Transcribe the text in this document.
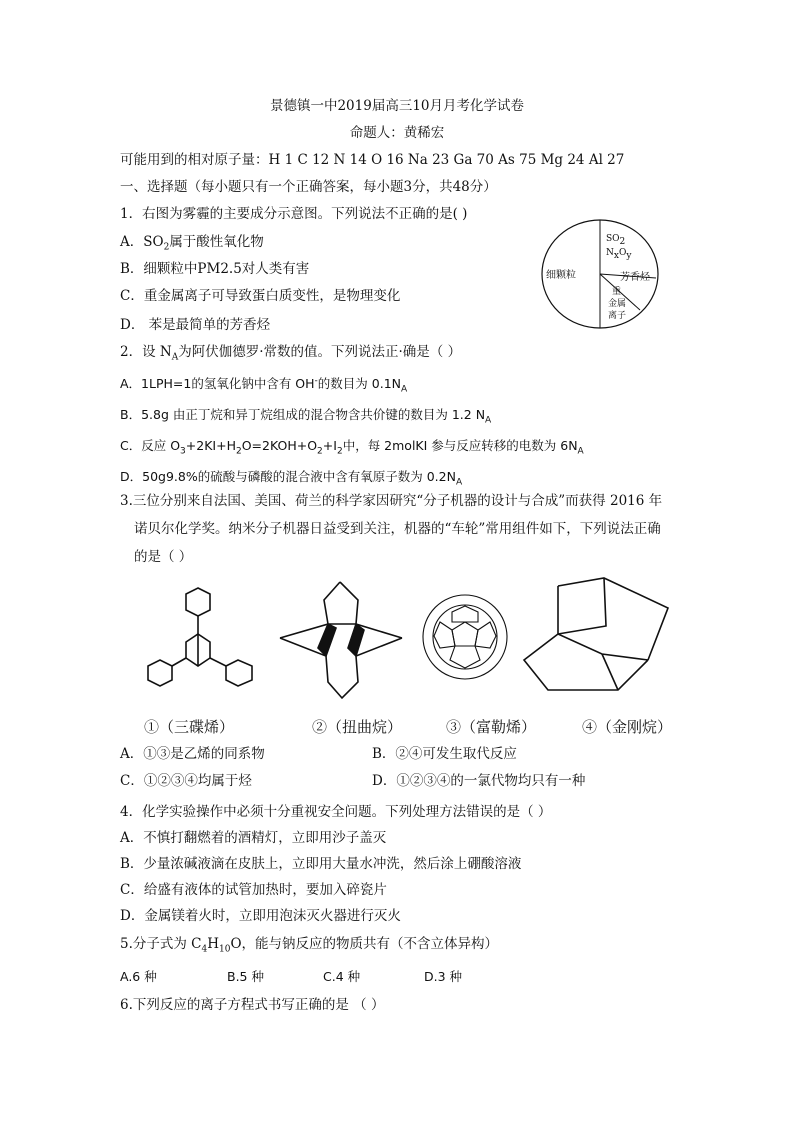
景德镇一中2019届高三10月月考化学试卷
命题人：黄稀宏
可能用到的相对原子量：H 1 C 12 N 14 O 16 Na 23 Ga 70 As 75 Mg 24 Al 27
一、选择题（每小题只有一个正确答案，每小题3分，共48分）
1．右图为雾霾的主要成分示意图。下列说法不正确的是( )
A．$SO_2$属于酸性氧化物
B．细颗粒中PM2.5对人类有害
C．重金属离子可导致蛋白质变性，是物理变化
D． 苯是最简单的芳香烃
细颗粒
$SO_2$
$N_xO_y$
芳香烃
重
金属
离子
2．设 $N_A$为阿伏伽德罗·常数的值。下列说法正·确是（ ）
A．1LPH=1的氢氧化钠中含有 OH-的数目为 $0.1N_A$
B．5.8g 由正丁烷和异丁烷组成的混合物含共价键的数目为 1.2 $N_A$
C．反应 $O_3+2KI+H_2O=2KOH+O_2+I_2$中，每 2molKI 参与反应转移的电数为 $6N_A$
D．50g9.8%的硫酸与磷酸的混合液中含有氧原子数为 $0.2N_A$
3.三位分别来自法国、美国、荷兰的科学家因研究“分子机器的设计与合成”而获得 2016 年
诺贝尔化学奖。纳米分子机器日益受到关注，机器的“车轮”常用组件如下，下列说法正确
的是（ ）
①（三碟烯）	②（扭曲烷）	③（富勒烯）	④（金刚烷）
A．①③是乙烯的同系物	B．②④可发生取代反应
C．①②③④均属于烃	D．①②③④的一氯代物均只有一种
4．化学实验操作中必须十分重视安全问题。下列处理方法错误的是（ ）
A．不慎打翻燃着的酒精灯，立即用沙子盖灭
B．少量浓碱液滴在皮肤上，立即用大量水冲洗，然后涂上硼酸溶液
C．给盛有液体的试管加热时，要加入碎瓷片
D．金属镁着火时，立即用泡沫灭火器进行灭火
5.分子式为 $C_4H_{10}O$，能与钠反应的物质共有（不含立体异构）
A.6 种	B.5 种	C.4 种	D.3 种
6.下列反应的离子方程式书写正确的是 （ ）
